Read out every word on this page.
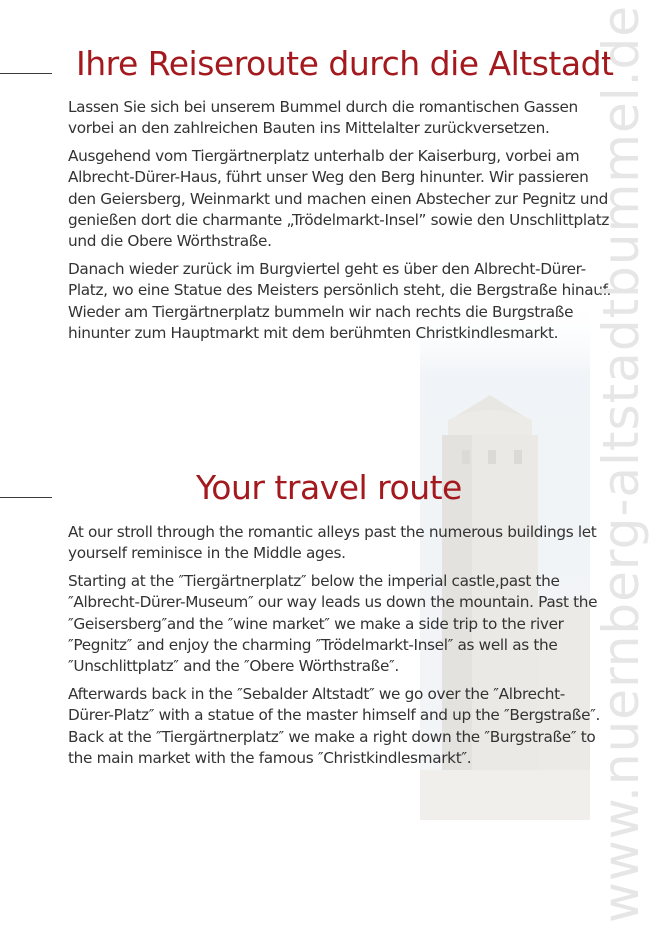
Ihre Reiseroute durch die Altstadt

Lassen Sie sich bei unserem Bummel durch die romantischen Gassen vorbei an den zahlreichen Bauten ins Mittelalter zurückversetzen.

Ausgehend vom Tiergärtnerplatz unterhalb der Kaiserburg, vorbei am Albrecht-Dürer-Haus, führt unser Weg den Berg hinunter. Wir passieren den Geiersberg, Weinmarkt und machen einen Abstecher zur Pegnitz und genießen dort die charmante „Trödelmarkt-Insel” sowie den Unschlittplatz und die Obere Wörthstraße.

Danach wieder zurück im Burgviertel geht es über den Albrecht-Dürer-Platz, wo eine Statue des Meisters persönlich steht, die Bergstraße hinauf. Wieder am Tiergärtnerplatz bummeln wir nach rechts die Burgstraße hinunter zum Hauptmarkt mit dem berühmten Christkindlesmarkt.

Your travel route

At our stroll through the romantic alleys past the numerous buildings let yourself reminisce in the Middle ages.

Starting at the ″Tiergärtnerplatz″ below the imperial castle,past the ″Albrecht-Dürer-Museum″ our way leads us down the mountain. Past the ″Geisersberg″and the ″wine market″ we make a side trip to the river ″Pegnitz″ and enjoy the charming ″Trödelmarkt-Insel″ as well as the ″Unschlittplatz″ and the ″Obere Wörthstraße″.

Afterwards back in the ″Sebalder Altstadt″ we go over the ″Albrecht- Dürer-Platz″ with a statue of the master himself and up the ″Bergstraße″. Back at the ″Tiergärtnerplatz″ we make a right down the ″Burgstraße″ to the main market with the famous ″Christkindlesmarkt″.	www.nuernberg-altstadtbummel.de
